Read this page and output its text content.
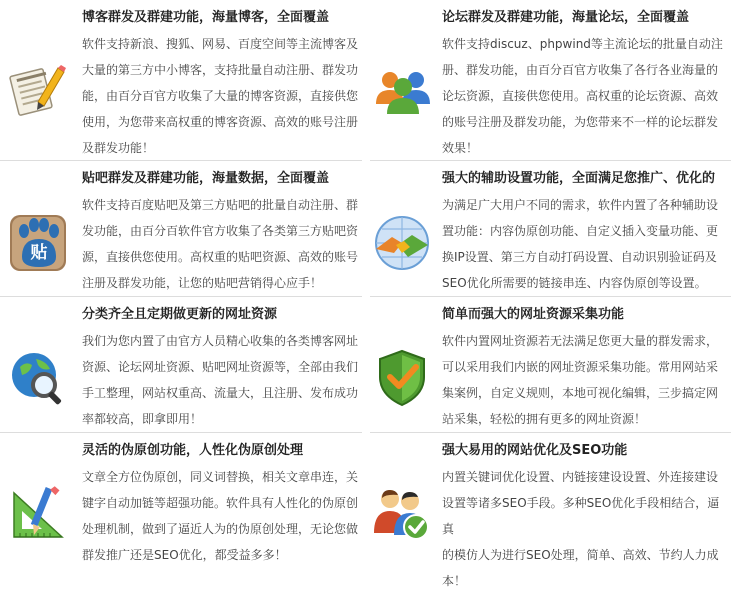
博客群发及群建功能，海量博客，全面覆盖
软件支持新浪、搜狐、网易、百度空间等主流博客及
大量的第三方中小博客，支持批量自动注册、群发功
能，由百分百官方收集了大量的博客资源，直接供您
使用，为您带来高权重的博客资源、高效的账号注册
及群发功能！
论坛群发及群建功能，海量论坛，全面覆盖
软件支持discuz、phpwind等主流论坛的批量自动注
册、群发功能，由百分百官方收集了各行各业海量的
论坛资源，直接供您使用。高权重的论坛资源、高效
的账号注册及群发功能，为您带来不一样的论坛群发
效果！
贴
贴吧群发及群建功能，海量数据，全面覆盖
软件支持百度贴吧及第三方贴吧的批量自动注册、群
发功能，由百分百软件官方收集了各类第三方贴吧资
源，直接供您使用。高权重的贴吧资源、高效的账号
注册及群发功能，让您的贴吧营销得心应手！
强大的辅助设置功能，全面满足您推广、优化的
为满足广大用户不同的需求，软件内置了各种辅助设
置功能：内容伪原创功能、自定义插入变量功能、更
换IP设置、第三方自动打码设置、自动识别验证码及
SEO优化所需要的链接串连、内容伪原创等设置。
分类齐全且定期做更新的网址资源
我们为您内置了由官方人员精心收集的各类博客网址
资源、论坛网址资源、贴吧网址资源等，全部由我们
手工整理，网站权重高、流量大，且注册、发布成功
率都较高，即拿即用！
简单而强大的网址资源采集功能
软件内置网址资源若无法满足您更大量的群发需求，
可以采用我们内嵌的网址资源采集功能。常用网站采
集案例，自定义规则，本地可视化编辑，三步搞定网
站采集，轻松的拥有更多的网址资源！
灵活的伪原创功能，人性化伪原创处理
文章全方位伪原创，同义词替换，相关文章串连，关
键字自动加链等超强功能。软件具有人性化的伪原创
处理机制，做到了逼近人为的伪原创处理，无论您做
群发推广还是SEO优化，都受益多多！
强大易用的网站优化及SEO功能
内置关键词优化设置、内链接建设设置、外连接建设
设置等诸多SEO手段。多种SEO优化手段相结合，逼真
的模仿人为进行SEO处理，简单、高效、节约人力成
本！
